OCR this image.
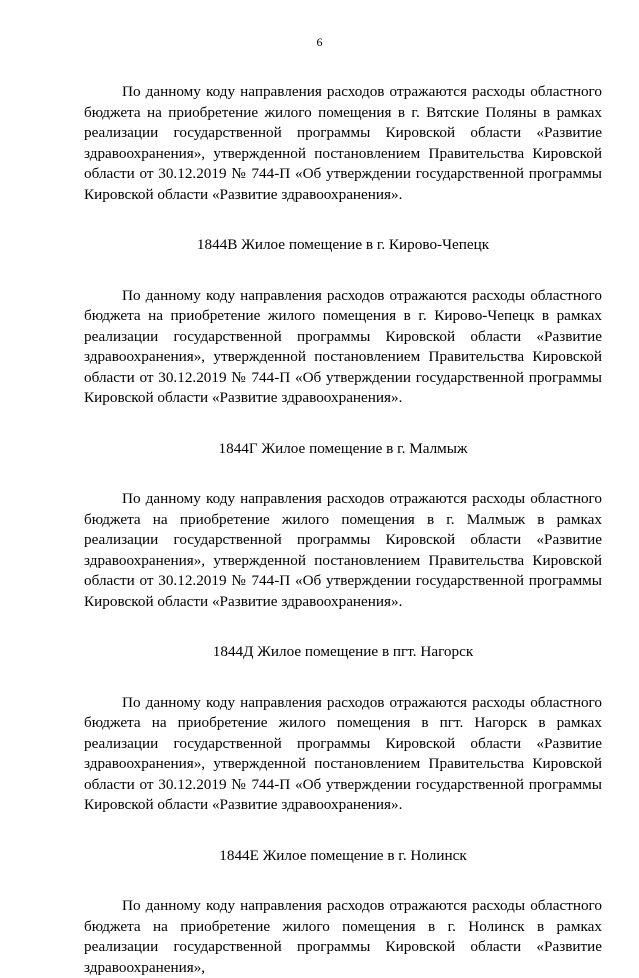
6

По данному коду направления расходов отражаются расходы областного бюджета на приобретение жилого помещения в г. Вятские Поляны в рамках реализации государственной программы Кировской области «Развитие здравоохранения», утвержденной постановлением Правительства Кировской области от 30.12.2019 № 744-П «Об утверждении государственной программы Кировской области «Развитие здравоохранения».

1844В Жилое помещение в г. Кирово-Чепецк

По данному коду направления расходов отражаются расходы областного бюджета на приобретение жилого помещения в г. Кирово-Чепецк в рамках реализации государственной программы Кировской области «Развитие здравоохранения», утвержденной постановлением Правительства Кировской области от 30.12.2019 № 744-П «Об утверждении государственной программы Кировской области «Развитие здравоохранения».

1844Г Жилое помещение в г. Малмыж

По данному коду направления расходов отражаются расходы областного бюджета на приобретение жилого помещения в г. Малмыж в рамках реализации государственной программы Кировской области «Развитие здравоохранения», утвержденной постановлением Правительства Кировской области от 30.12.2019 № 744-П «Об утверждении государственной программы Кировской области «Развитие здравоохранения».

1844Д Жилое помещение в пгт. Нагорск

По данному коду направления расходов отражаются расходы областного бюджета на приобретение жилого помещения в пгт. Нагорск в рамках реализации государственной программы Кировской области «Развитие здравоохранения», утвержденной постановлением Правительства Кировской области от 30.12.2019 № 744-П «Об утверждении государственной программы Кировской области «Развитие здравоохранения».

1844Е Жилое помещение в г. Нолинск

По данному коду направления расходов отражаются расходы областного бюджета на приобретение жилого помещения в г. Нолинск в рамках реализации государственной программы Кировской области «Развитие здравоохранения»,
